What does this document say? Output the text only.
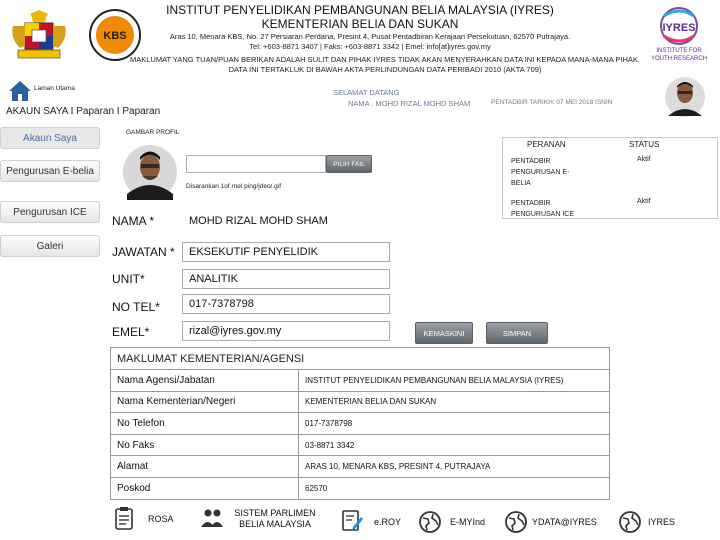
KBS
INSTITUT PENYELIDIKAN PEMBANGUNAN BELIA MALAYSIA (IYRES)
KEMENTERIAN BELIA DAN SUKAN
Aras 10, Menara KBS, No. 27 Persiaran Perdana, Presint 4, Pusat Pentadbiran Kerajaan Persekutuan, 62570 Putrajaya.
Tel: +603-8871 3407 | Faks: +603-8871 3342 | Emel: info[at]iyres.gov.my
IYRES
INSTITUTE FOR
YOUTH RESEARCH
MAKLUMAT YANG TUAN/PUAN BERIKAN ADALAH SULIT DAN PIHAK IYRES TIDAK AKAN MENYERAHKAN DATA INI KEPADA MANA-MANA PIHAK.
DATA INI TERTAKLUK DI BAWAH AKTA PERLINDUNGAN DATA PERIBADI 2010 (AKTA 709)
Laman Utama
AKAUN SAYA I Paparan I Paparan
SELAMAT DATANG
NAMA . MOHD RIZAL MOHD SHAM	PENTADBIR TARIKH: 07 MEI 2018 ISNIN
Akaun Saya
Pengurusan E-belia
Pengurusan ICE
Galeri
GAMBAR PROFIL
PILIH FAIL
Disarankan 1of rnel ping/jdeo/.gif
NAMA *	MOHD RIZAL MOHD SHAM
JAWATAN *	EKSEKUTIF PENYELIDIK
UNIT*	ANALITIK
NO TEL*	017-7378798
EMEL*	rizal@iyres.gov.my	KEMASKINI	SIMPAN
PERANAN	STATUS
PENTADBIR PENGURUSAN E-BELIA
Aktif
PENTADBIR PENGURUSAN ICE
Aktif
MAKLUMAT KEMENTERIAN/AGENSI
Nama Agensi/Jabatan	INSTITUT PENYELIDIKAN PEMBANGUNAN BELIA MALAYSIA (IYRES)
Nama Kementerian/Negeri	KEMENTERIAN BELIA DAN SUKAN
No Telefon	017-7378798
No Faks	03-8871 3342
Alamat	ARAS 10, MENARA KBS, PRESINT 4, PUTRAJAYA
Poskod	62570
ROSA
SISTEM PARLIMEN BELIA MALAYSIA	e.ROY	E-MYInd	YDATA@IYRES	IYRES
